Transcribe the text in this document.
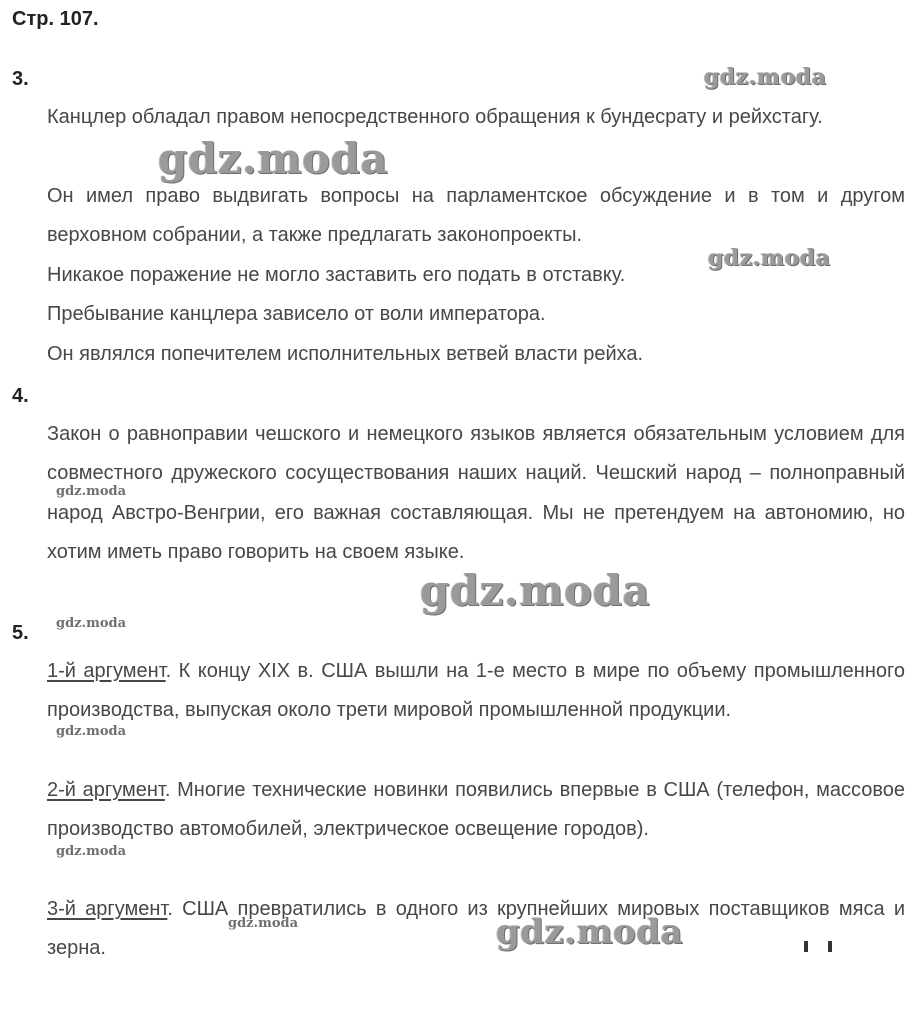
Стр. 107.
3.

Канцлер обладал правом непосредственного обращения к бундесрату и рейхстагу.

Он имел право выдвигать вопросы на парламентское обсуждение и в том и другом верховном собрании, а также предлагать законопроекты.

Никакое поражение не могло заставить его подать в отставку.

Пребывание канцлера зависело от воли императора.

Он являлся попечителем исполнительных ветвей власти рейха.

4.

Закон о равноправии чешского и немецкого языков является обязательным условием для совместного дружеского сосуществования наших наций. Чешский народ – полноправный народ Австро-Венгрии, его важная составляющая. Мы не претендуем на автономию, но хотим иметь право говорить на своем языке.

5.

1-й аргумент. К концу XIX в. США вышли на 1-е место в мире по объему промышленного производства, выпуская около трети мировой промышленной продукции.

2-й аргумент. Многие технические новинки появились впервые в США (телефон, массовое производство автомобилей, электрическое освещение городов).

3-й аргумент. США превратились в одного из крупнейших мировых поставщиков мяса и зерна.

gdz.moda
gdz.moda
gdz.moda
gdz.moda
gdz.moda
gdz.moda
gdz.moda
gdz.moda
gdz.moda	gdz.moda
